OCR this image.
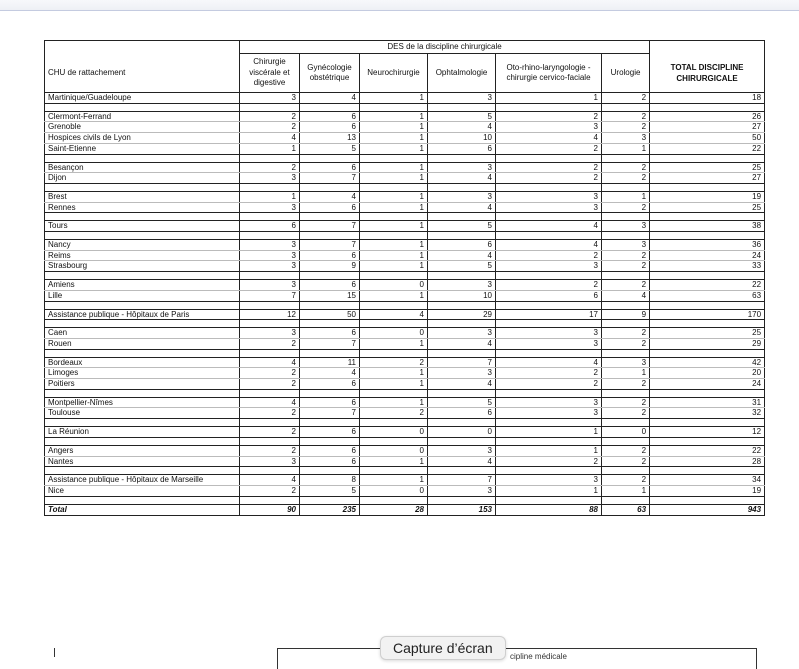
	DES de la discipline chirurgicale						
CHU de rattachement	Chirurgie viscérale et digestive	Gynécologie obstétrique	Neurochirurgie	Ophtalmologie	Oto-rhino-laryngologie - chirurgie cervico-faciale	Urologie	TOTAL DISCIPLINE CHIRURGICALE
Martinique/Guadeloupe	3	4	1	3	1	2	18

Clermont-Ferrand	2	6	1	5	2	2	26
Grenoble	2	6	1	4	3	2	27
Hospices civils de Lyon	4	13	1	10	4	3	50
Saint-Etienne	1	5	1	6	2	1	22

Besançon	2	6	1	3	2	2	25
Dijon	3	7	1	4	2	2	27

Brest	1	4	1	3	3	1	19
Rennes	3	6	1	4	3	2	25

Tours	6	7	1	5	4	3	38

Nancy	3	7	1	6	4	3	36
Reims	3	6	1	4	2	2	24
Strasbourg	3	9	1	5	3	2	33

Amiens	3	6	0	3	2	2	22
Lille	7	15	1	10	6	4	63

Assistance publique - Hôpitaux de Paris	12	50	4	29	17	9	170

Caen	3	6	0	3	3	2	25
Rouen	2	7	1	4	3	2	29

Bordeaux	4	11	2	7	4	3	42
Limoges	2	4	1	3	2	1	20
Poitiers	2	6	1	4	2	2	24

Montpellier-Nîmes	4	6	1	5	3	2	31
Toulouse	2	7	2	6	3	2	32

La Réunion	2	6	0	0	1	0	12

Angers	2	6	0	3	1	2	22
Nantes	3	6	1	4	2	2	28

Assistance publique - Hôpitaux de Marseille	4	8	1	7	3	2	34
Nice	2	5	0	3	1	1	19

Total	90	235	28	153	88	63	943
cipline médicale
Capture d’écran
